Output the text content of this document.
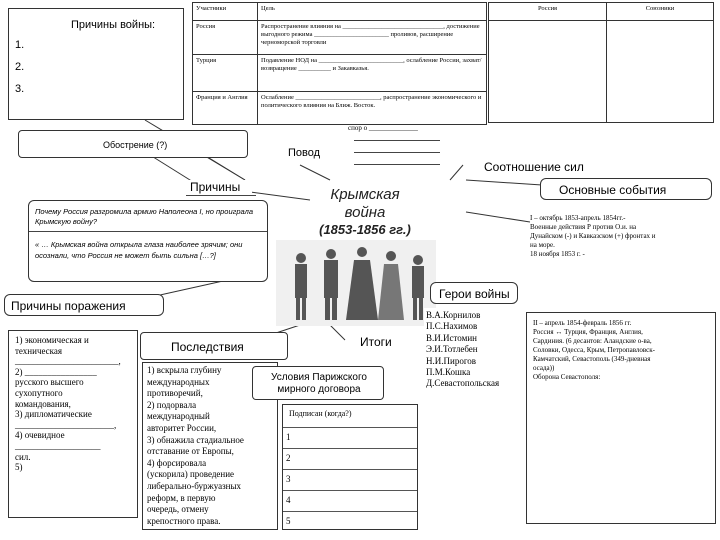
Причины войны:
1.
2.
3.
Участники	Цель
Россия	Распространение влияния на _______________________________, достижение выгодного режима _______________________ проливов, расширение черноморской торговли
Турция	Подавление НОД на __________________________, ослабление России, захват/возвращение __________ и Закавказья.
Франция и Англия	Ослабление __________________________, распространение экономического и политического влияния на Ближ. Восток.
Россия	Союзники

Обострение (?)
Повод
спор о ______________
Соотношение сил
Причины	Основные события
Крымская
война
(1853-1856 гг.)
Почему Россия разгромила армию Наполеона I, но проиграла Крымскую войну?
« … Крымская война открыла глаза наиболее зрячим; они осознали, что Россия не может быть сильна […?]
I – октябрь 1853-апрель 1854гг.-
Военные действия Р против О.и. на
Дунайском (-) и Кавказском (+) фронтах и
на море.
18 ноября 1853 г. -
Герои войны
Причины поражения
1) экономическая и техническая
_______________________,
2) ________________
русского высшего
сухопутного
командования,
3) дипломатические
______________________,
4) очевидное
___________________
сил.
5)
Последствия	Итоги
1) вскрыла глубину
международных
противоречий,
2) подорвала
международный
авторитет России,
3) обнажила стадиальное
отставание от Европы,
4) форсировала
(ускорила) проведение
либерально-буржуазных
реформ, в первую
очередь, отмену
крепостного права.
Условия Парижского мирного договора
В.А.Корнилов
П.С.Нахимов
В.И.Истомин
Э.И.Тотлебен
Н.И.Пирогов
П.М.Кошка
Д.Севастопольская
II – апрель 1854-февраль 1856 гг.
Россия ↔ Турция, Франция, Англия,
Сардиния. (6 десантов: Аландские о-ва,
Соловки, Одесса, Крым, Петропавловск-
Камчатский, Севастополь (349-дневная
осада))
Оборона Севастополя:
Подписан (когда?)
1
2
3
4
5
